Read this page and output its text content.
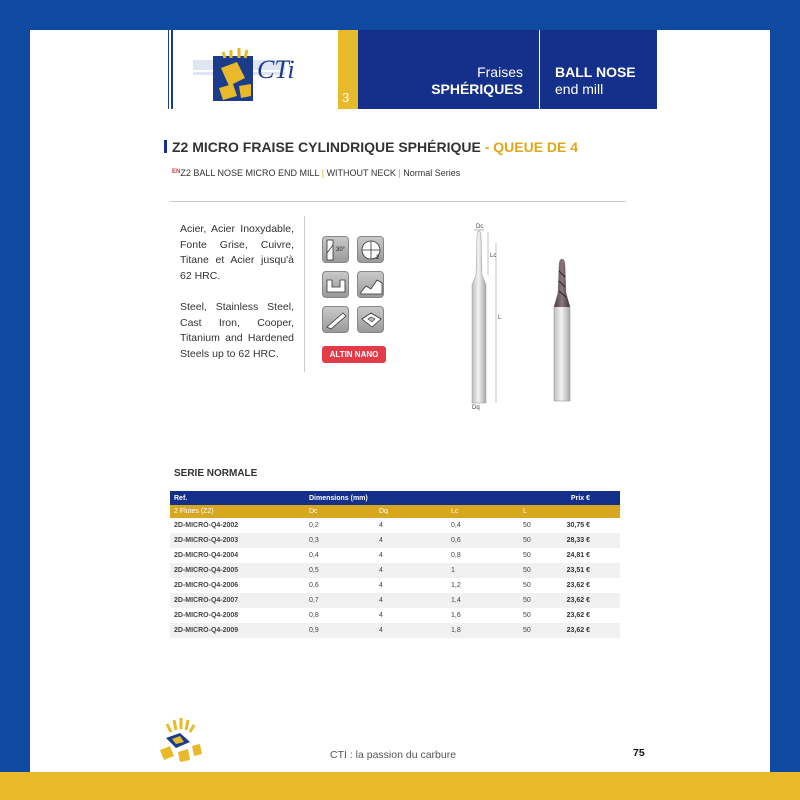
CTi
3
Fraises
SPHÉRIQUES
BALL NOSE
end mill
Z2 MICRO FRAISE CYLINDRIQUE SPHÉRIQUE - QUEUE DE 4
$^{EN}$Z2 BALL NOSE MICRO END MILL | WITHOUT NECK | Normal Series

Acier, Acier Inoxydable, Fonte Grise, Cuivre, Titane et Acier jusqu'à 62 HRC.

Steel, Stainless Steel, Cast Iron, Cooper, Titanium and Hardened Steels up to 62 HRC.

30°
2
ALTIN NANO
Dc
Lc
L
Dq
SERIE NORMALE
Ref.	Dimensions (mm)				Prix €
2 Flutes (Z2)	Dc	Dq	Lc	L	
2D-MICRO-Q4-2002	0,2	4	0,4	50	30,75 €
2D-MICRO-Q4-2003	0,3	4	0,6	50	28,33 €
2D-MICRO-Q4-2004	0,4	4	0,8	50	24,81 €
2D-MICRO-Q4-2005	0,5	4	1	50	23,51 €
2D-MICRO-Q4-2006	0,6	4	1,2	50	23,62 €
2D-MICRO-Q4-2007	0,7	4	1,4	50	23,62 €
2D-MICRO-Q4-2008	0,8	4	1,6	50	23,62 €
2D-MICRO-Q4-2009	0,9	4	1,8	50	23,62 €
CTI : la passion du carbure	75
